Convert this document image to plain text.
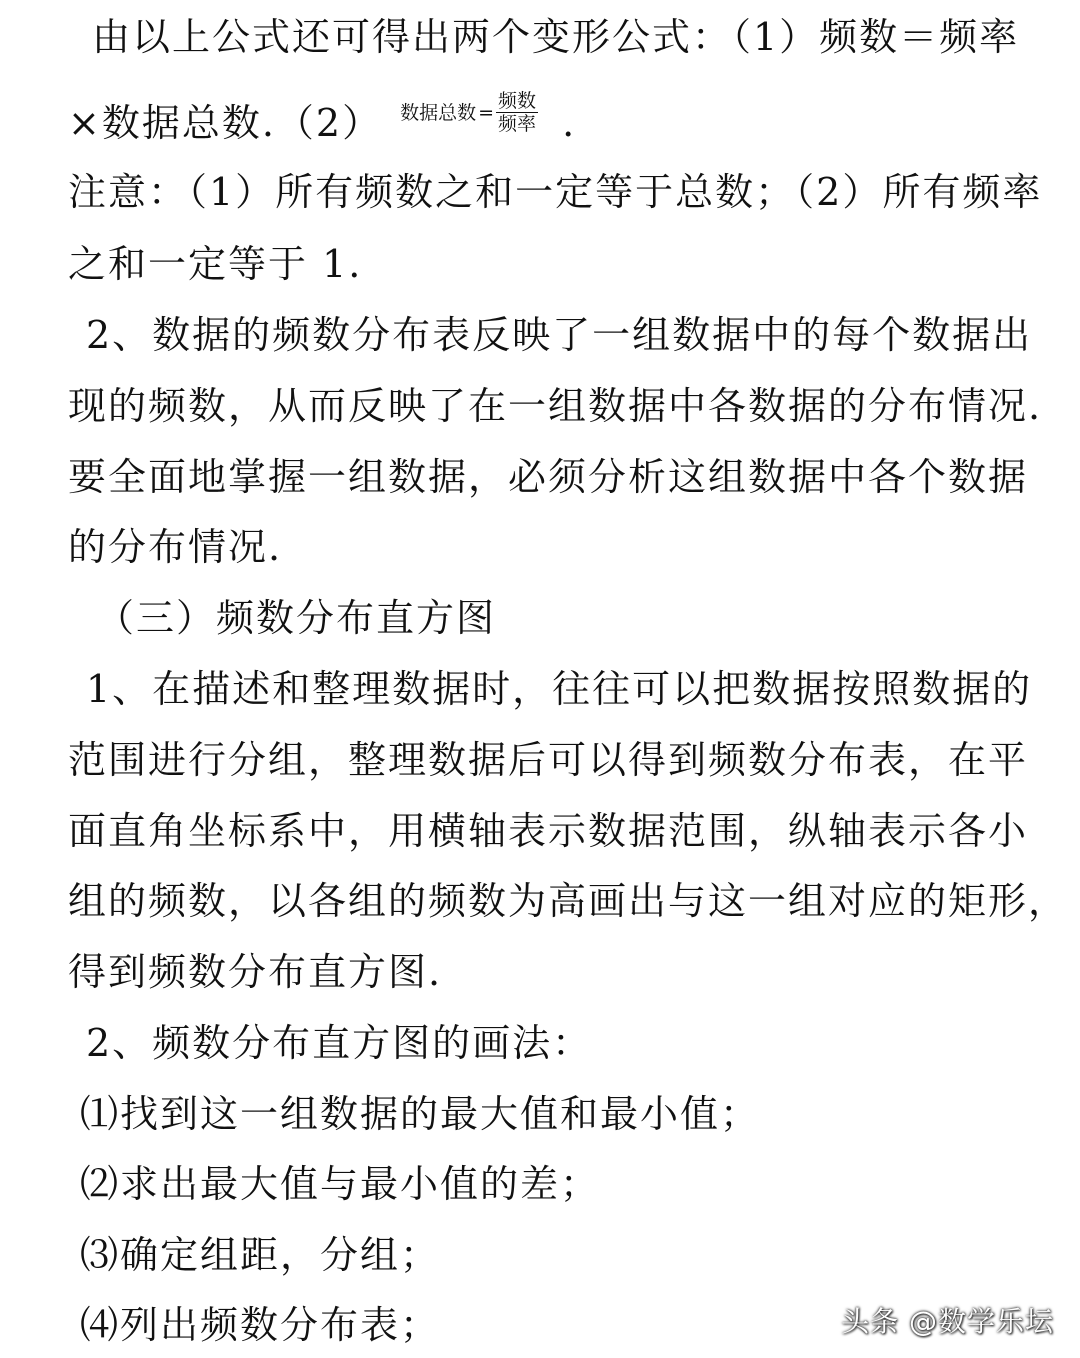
由以上公式还可得出两个变形公式：（1）频数＝频率
×数据总数.（2） 数据总数 = $\frac{\text{频数}}{\text{频率}}$ .
注意：（1）所有频数之和一定等于总数；（2）所有频率
之和一定等于 1.
2、数据的频数分布表反映了一组数据中的每个数据出
现的频数，从而反映了在一组数据中各数据的分布情况.
要全面地掌握一组数据，必须分析这组数据中各个数据
的分布情况.
（三）频数分布直方图
1、在描述和整理数据时，往往可以把数据按照数据的
范围进行分组，整理数据后可以得到频数分布表，在平
面直角坐标系中，用横轴表示数据范围，纵轴表示各小
组的频数，以各组的频数为高画出与这一组对应的矩形，
得到频数分布直方图.
2、频数分布直方图的画法：
⑴找到这一组数据的最大值和最小值；
⑵求出最大值与最小值的差；
⑶确定组距，分组；
⑷列出频数分布表；	头条 @数学乐坛
